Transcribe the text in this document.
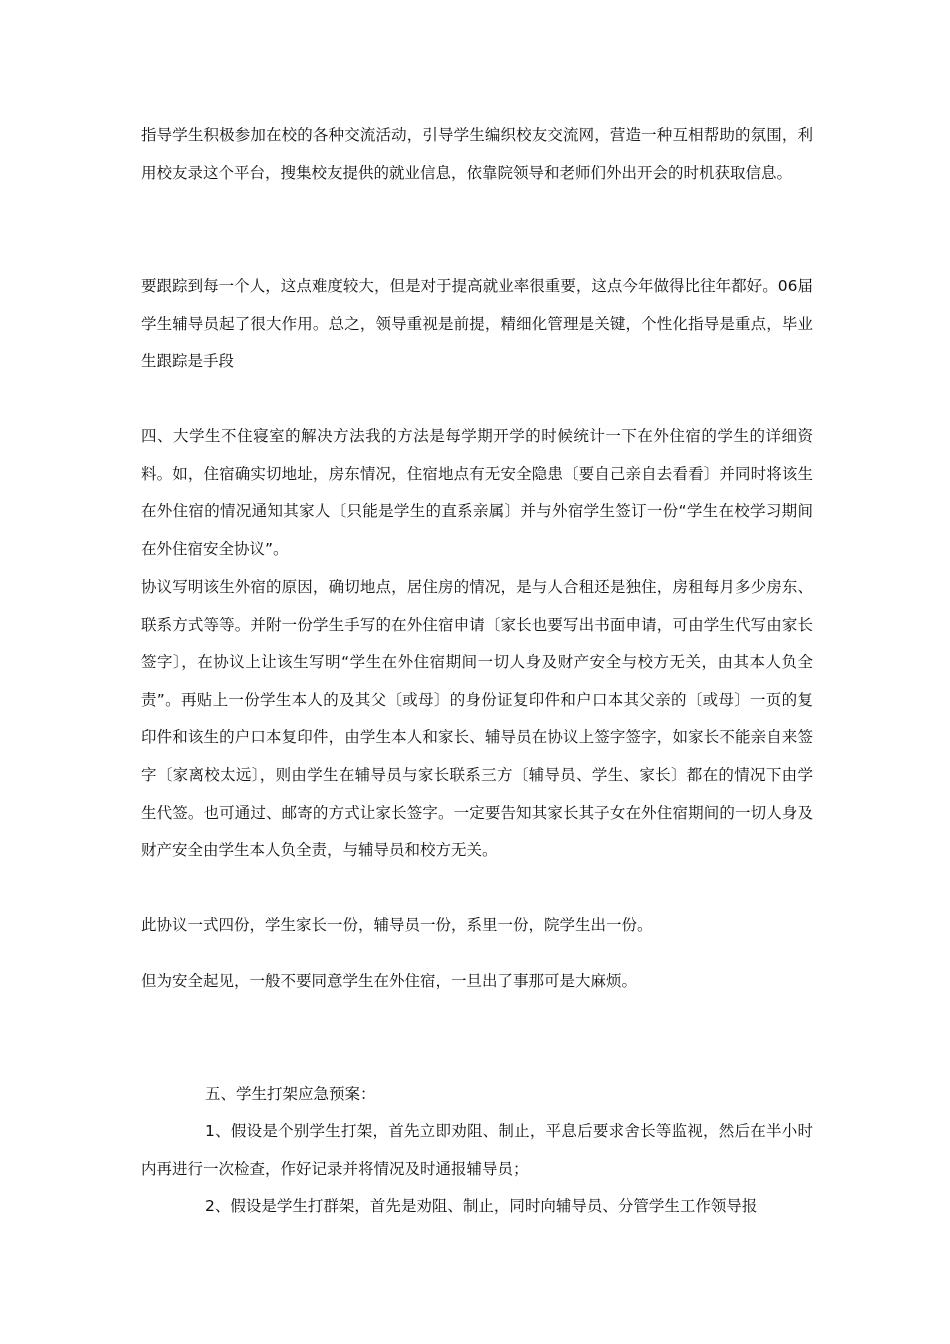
指导学生积极参加在校的各种交流活动，引导学生编织校友交流网，营造一种互相帮助的氛围，利用校友录这个平台，搜集校友提供的就业信息，依靠院领导和老师们外出开会的时机获取信息。

要跟踪到每一个人，这点难度较大，但是对于提高就业率很重要，这点今年做得比往年都好。06届学生辅导员起了很大作用。总之，领导重视是前提，精细化管理是关键，个性化指导是重点，毕业生跟踪是手段

四、大学生不住寝室的解决方法我的方法是每学期开学的时候统计一下在外住宿的学生的详细资料。如，住宿确实切地址，房东情况，住宿地点有无安全隐患〔要自己亲自去看看〕并同时将该生在外住宿的情况通知其家人〔只能是学生的直系亲属〕并与外宿学生签订一份“学生在校学习期间在外住宿安全协议”。

协议写明该生外宿的原因，确切地点，居住房的情况，是与人合租还是独住，房租每月多少房东、联系方式等等。并附一份学生手写的在外住宿申请〔家长也要写出书面申请，可由学生代写由家长签字〕，在协议上让该生写明“学生在外住宿期间一切人身及财产安全与校方无关，由其本人负全责”。再贴上一份学生本人的及其父〔或母〕的身份证复印件和户口本其父亲的〔或母〕一页的复印件和该生的户口本复印件，由学生本人和家长、辅导员在协议上签字签字，如家长不能亲自来签字〔家离校太远〕，则由学生在辅导员与家长联系三方〔辅导员、学生、家长〕都在的情况下由学生代签。也可通过、邮寄的方式让家长签字。一定要告知其家长其子女在外住宿期间的一切人身及财产安全由学生本人负全责，与辅导员和校方无关。

此协议一式四份，学生家长一份，辅导员一份，系里一份，院学生出一份。

但为安全起见，一般不要同意学生在外住宿，一旦出了事那可是大麻烦。

五、学生打架应急预案：

1、假设是个别学生打架，首先立即劝阻、制止，平息后要求舍长等监视，然后在半小时内再进行一次检查，作好记录并将情况及时通报辅导员；

2、假设是学生打群架，首先是劝阻、制止，同时向辅导员、分管学生工作领导报
